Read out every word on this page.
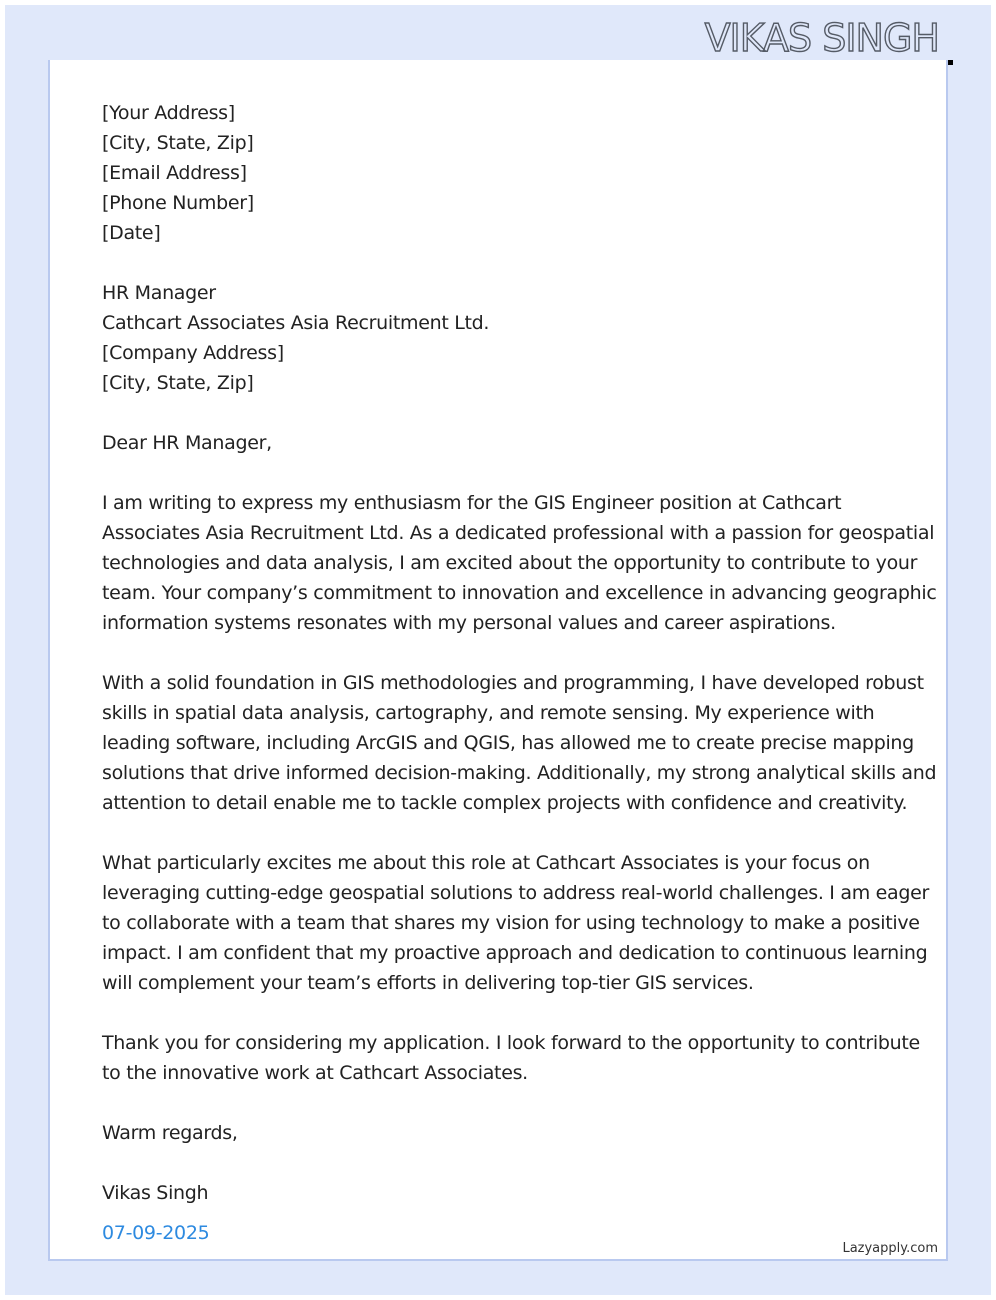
VIKAS SINGH
[Your Address]
[City, State, Zip]
[Email Address]
[Phone Number]
[Date]
HR Manager
Cathcart Associates Asia Recruitment Ltd.
[Company Address]
[City, State, Zip]
Dear HR Manager,
I am writing to express my enthusiasm for the GIS Engineer position at Cathcart
Associates Asia Recruitment Ltd. As a dedicated professional with a passion for geospatial
technologies and data analysis, I am excited about the opportunity to contribute to your
team. Your company’s commitment to innovation and excellence in advancing geographic
information systems resonates with my personal values and career aspirations.
With a solid foundation in GIS methodologies and programming, I have developed robust
skills in spatial data analysis, cartography, and remote sensing. My experience with
leading software, including ArcGIS and QGIS, has allowed me to create precise mapping
solutions that drive informed decision-making. Additionally, my strong analytical skills and
attention to detail enable me to tackle complex projects with confidence and creativity.
What particularly excites me about this role at Cathcart Associates is your focus on
leveraging cutting-edge geospatial solutions to address real-world challenges. I am eager
to collaborate with a team that shares my vision for using technology to make a positive
impact. I am confident that my proactive approach and dedication to continuous learning
will complement your team’s efforts in delivering top-tier GIS services.
Thank you for considering my application. I look forward to the opportunity to contribute
to the innovative work at Cathcart Associates.
Warm regards,
Vikas Singh
07-09-2025
Lazyapply.com
